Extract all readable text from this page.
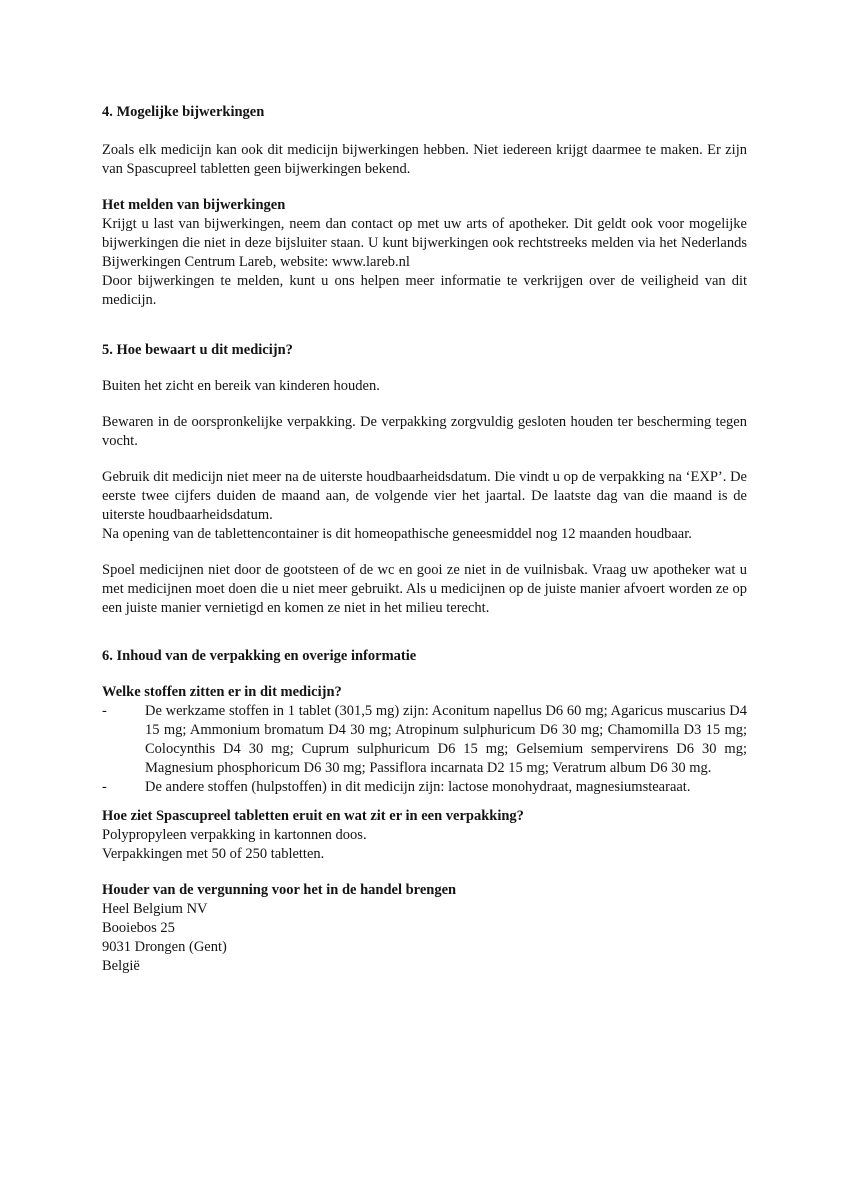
4. Mogelijke bijwerkingen

Zoals elk medicijn kan ook dit medicijn bijwerkingen hebben. Niet iedereen krijgt daarmee te maken. Er zijn van Spascupreel tabletten geen bijwerkingen bekend.

Het melden van bijwerkingen

Krijgt u last van bijwerkingen, neem dan contact op met uw arts of apotheker. Dit geldt ook voor mogelijke bijwerkingen die niet in deze bijsluiter staan. U kunt bijwerkingen ook rechtstreeks melden via het Nederlands Bijwerkingen Centrum Lareb, website: www.lareb.nl

Door bijwerkingen te melden, kunt u ons helpen meer informatie te verkrijgen over de veiligheid van dit medicijn.

5. Hoe bewaart u dit medicijn?

Buiten het zicht en bereik van kinderen houden.

Bewaren in de oorspronkelijke verpakking. De verpakking zorgvuldig gesloten houden ter bescherming tegen vocht.

Gebruik dit medicijn niet meer na de uiterste houdbaarheidsdatum. Die vindt u op de verpakking na ‘EXP’. De eerste twee cijfers duiden de maand aan, de volgende vier het jaartal. De laatste dag van die maand is de uiterste houdbaarheidsdatum.

Na opening van de tablettencontainer is dit homeopathische geneesmiddel nog 12 maanden houdbaar.

Spoel medicijnen niet door de gootsteen of de wc en gooi ze niet in de vuilnisbak. Vraag uw apotheker wat u met medicijnen moet doen die u niet meer gebruikt. Als u medicijnen op de juiste manier afvoert worden ze op een juiste manier vernietigd en komen ze niet in het milieu terecht.

6. Inhoud van de verpakking en overige informatie

Welke stoffen zitten er in dit medicijn?

-	De werkzame stoffen in 1 tablet (301,5 mg) zijn: Aconitum napellus D6 60 mg; Agaricus muscarius D4 15 mg; Ammonium bromatum D4 30 mg; Atropinum sulphuricum D6 30 mg; Chamomilla D3 15 mg; Colocynthis D4 30 mg; Cuprum sulphuricum D6 15 mg; Gelsemium sempervirens D6 30 mg; Magnesium phosphoricum D6 30 mg; Passiflora incarnata D2 15 mg; Veratrum album D6 30 mg.
-	De andere stoffen (hulpstoffen) in dit medicijn zijn: lactose monohydraat, magnesiumstearaat.

Hoe ziet Spascupreel tabletten eruit en wat zit er in een verpakking?

Polypropyleen verpakking in kartonnen doos.

Verpakkingen met 50 of 250 tabletten.

Houder van de vergunning voor het in de handel brengen

Heel Belgium NV

Booiebos 25

9031 Drongen (Gent)

België
